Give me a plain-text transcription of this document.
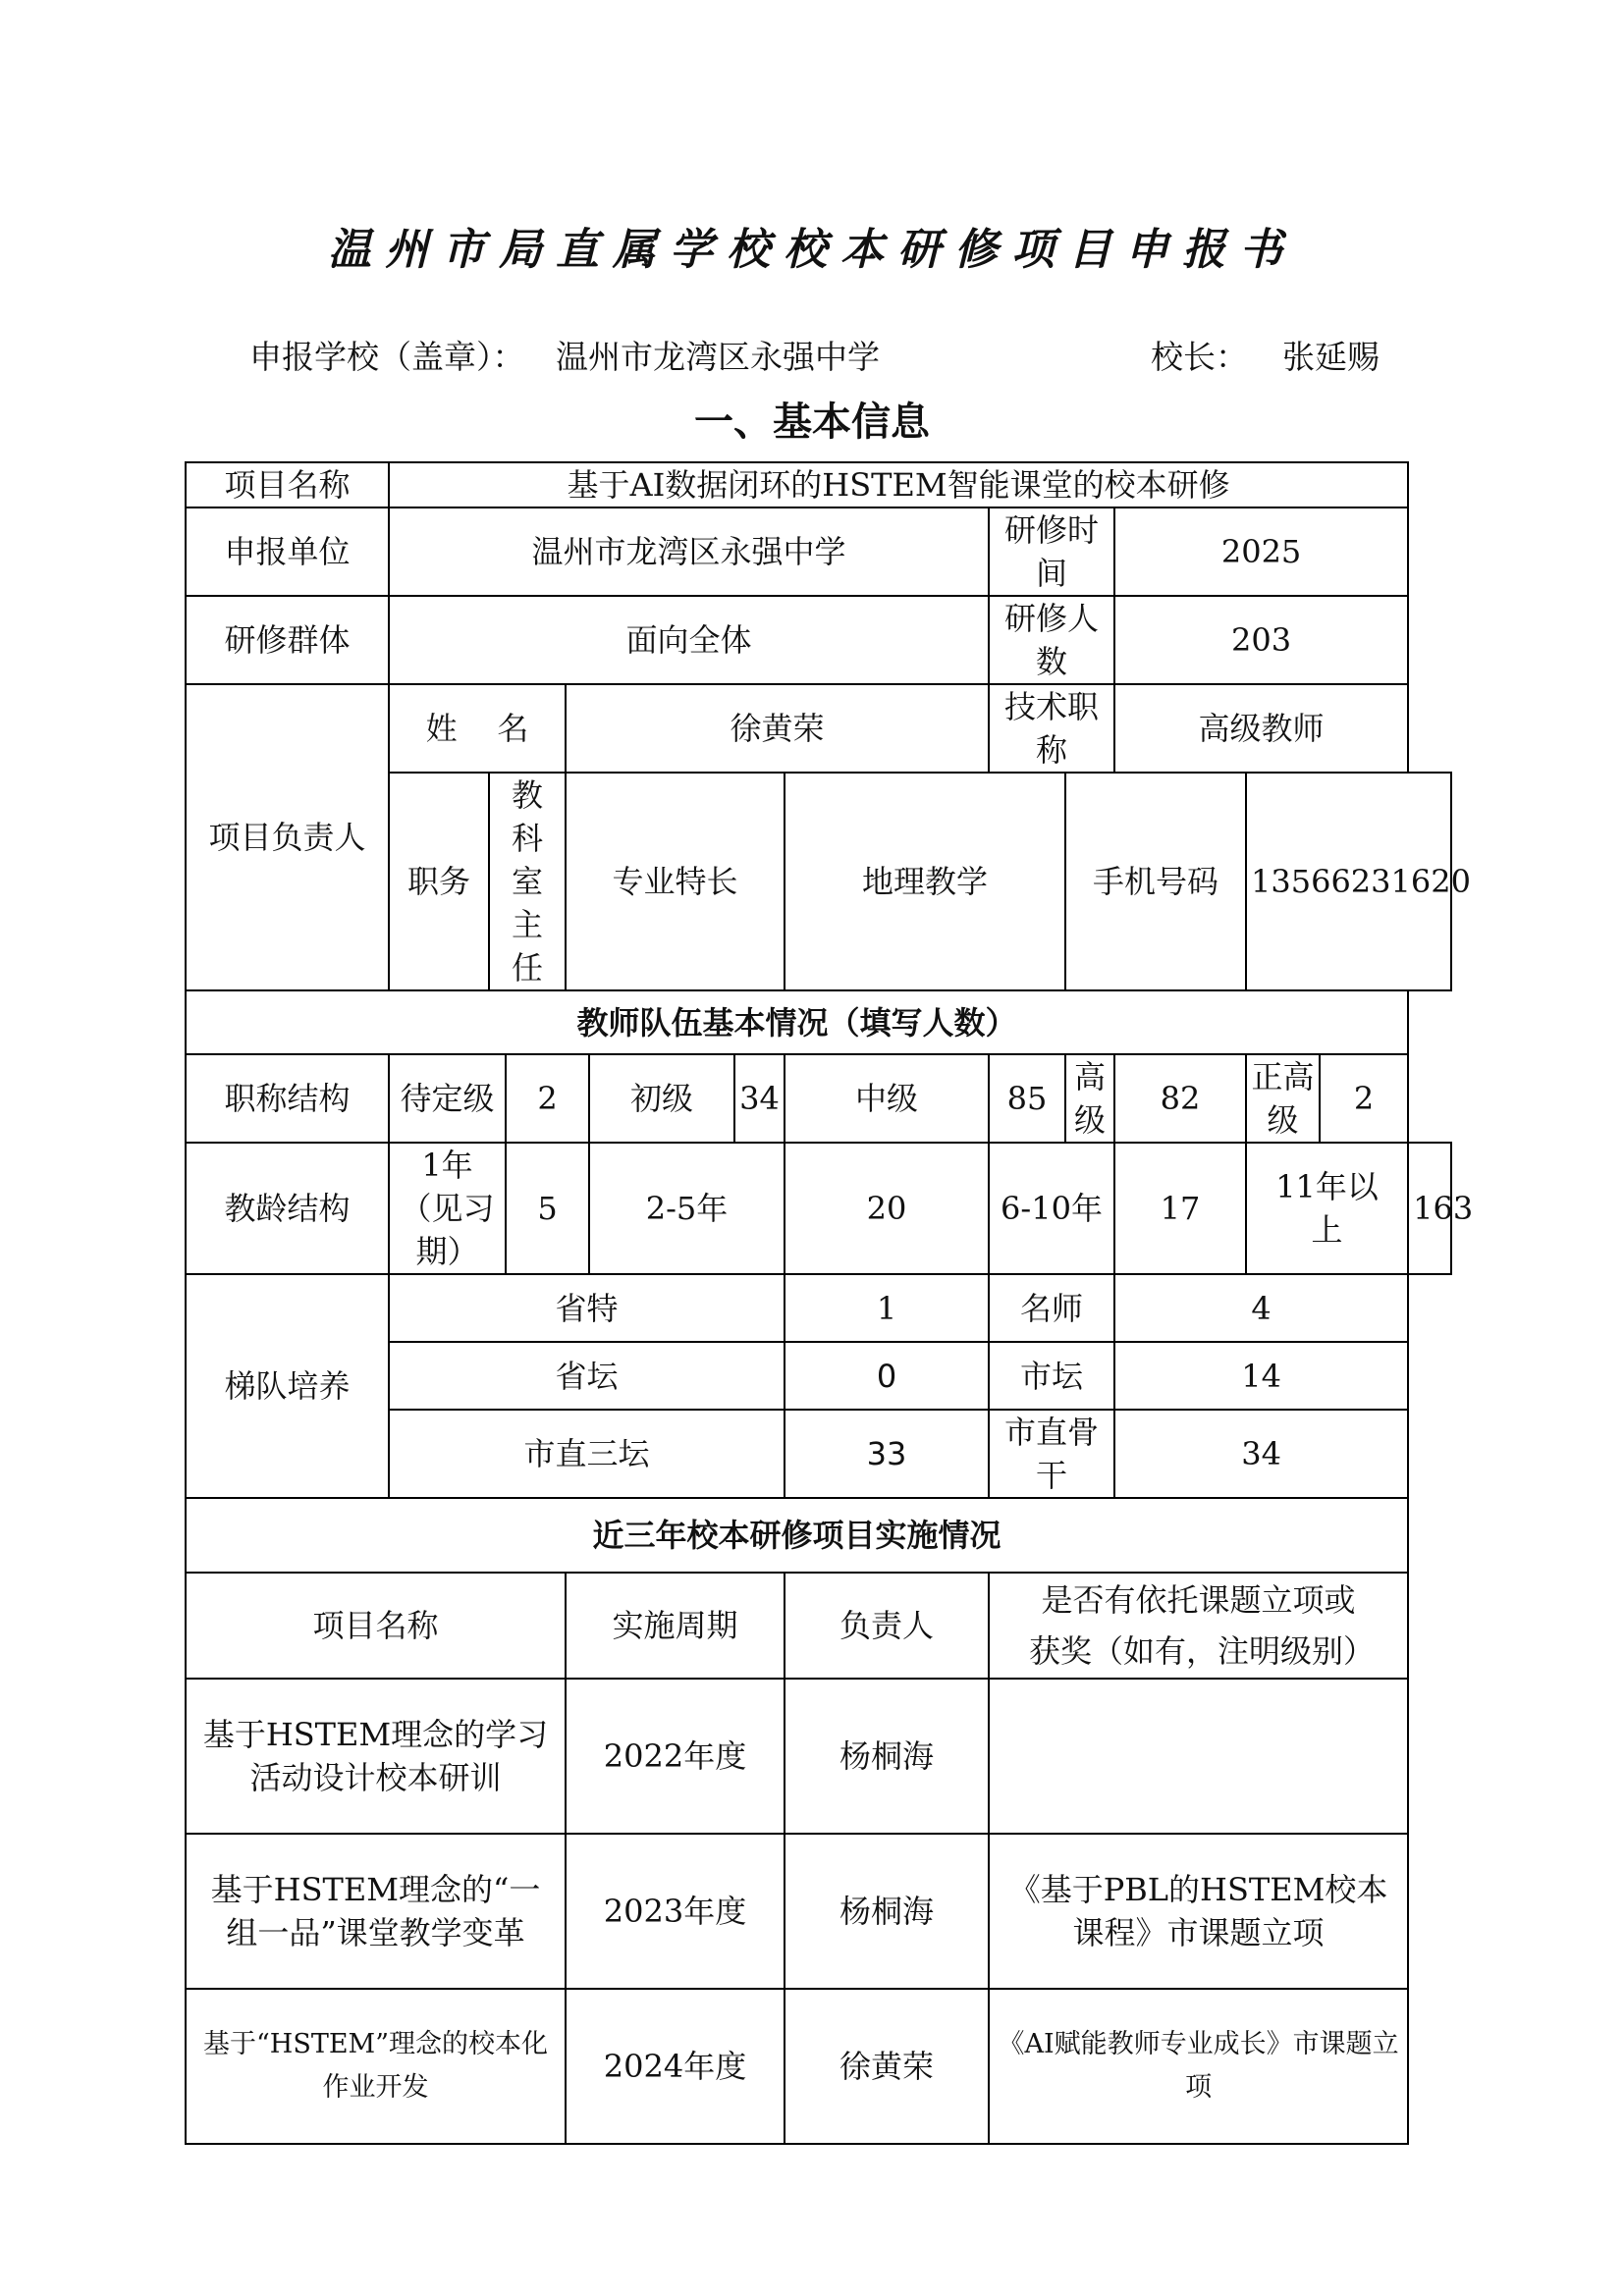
温州市局直属学校校本研修项目申报书
申报学校（盖章）： 温州市龙湾区永强中学	校长： 张延赐
一、基本信息
项目名称	基于AI数据闭环的HSTEM智能课堂的校本研修												
申报单位	温州市龙湾区永强中学							研修时间		2025			
研修群体	面向全体							研修人数		203			
项目负责人	姓    名			徐黄荣				技术职称		高级教师			
	职务	教科室主任		专业特长			地理教学		手机号码		13566231620		
教师队伍基本情况（填写人数）													
职称结构	待定级		2		初级	34	中级	85	高级	82	正高级	2	
教龄结构	1年（见习期）		5		2-5年		20	6-10年		17	11年以上		163
梯队培养	省特						1	名师		4			
	省坛						0	市坛		14			
	市直三坛						33	市直骨干		34			
近三年校本研修项目实施情况													
项目名称				实施周期			负责人	是否有依托课题立项或获奖（如有，注明级别）					
基于HSTEM理念的学习活动设计校本研训				2022年度			杨桐海						
基于HSTEM理念的“一组一品”课堂教学变革				2023年度			杨桐海	《基于PBL的HSTEM校本课程》市课题立项					
基于“HSTEM”理念的校本化作业开发				2024年度			徐黄荣	《AI赋能教师专业成长》市课题立项					
